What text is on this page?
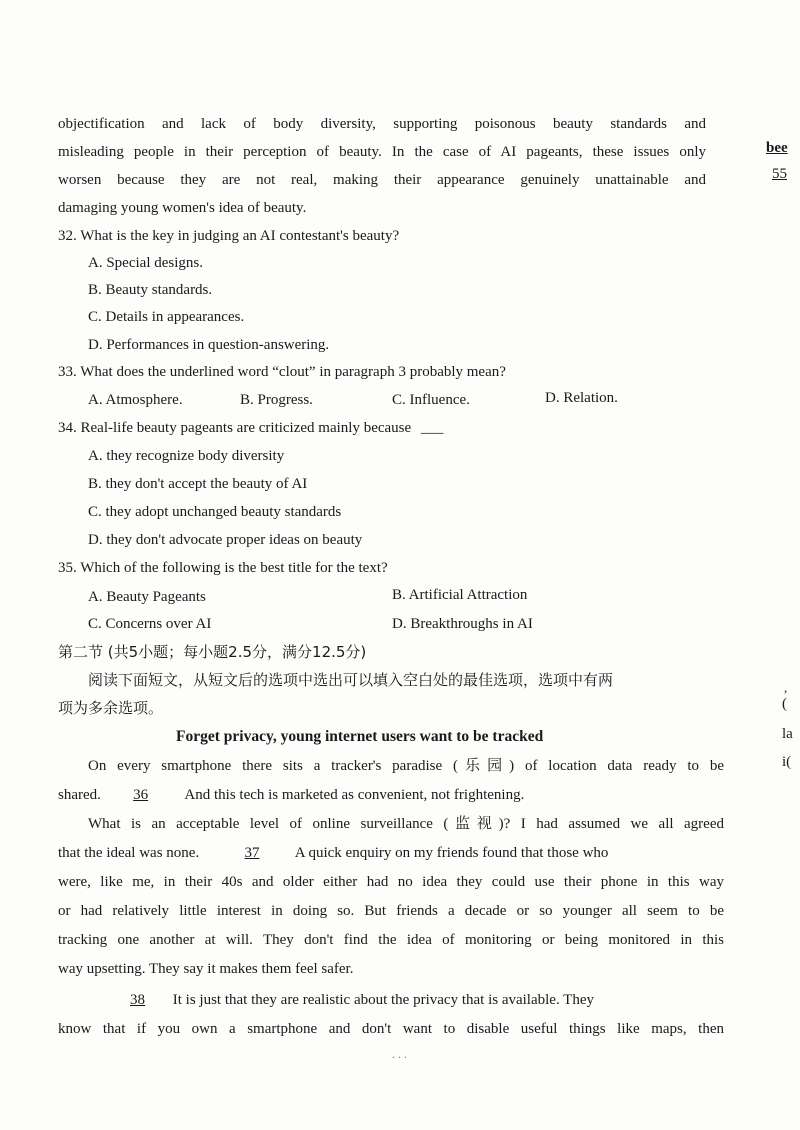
objectification and lack of body diversity, supporting poisonous beauty standards and
misleading people in their perception of beauty. In the case of AI pageants, these issues only
worsen because they are not real, making their appearance genuinely unattainable and
damaging young women's idea of beauty.
32. What is the key in judging an AI contestant's beauty?
A. Special designs.
B. Beauty standards.
C. Details in appearances.
D. Performances in question-answering.
33. What does the underlined word “clout” in paragraph 3 probably mean?
A. Atmosphere.	B. Progress.	C. Influence.	D. Relation.
34. Real-life beauty pageants are criticized mainly because ___
A. they recognize body diversity
B. they don't accept the beauty of AI
C. they adopt unchanged beauty standards
D. they don't advocate proper ideas on beauty
35. Which of the following is the best title for the text?
A. Beauty Pageants	B. Artificial Attraction
C. Concerns over AI	D. Breakthroughs in AI
第二节 (共5小题；每小题2.5分，满分12.5分)
阅读下面短文，从短文后的选项中选出可以填入空白处的最佳选项，选项中有两
项为多余选项。
Forget privacy, young internet users want to be tracked
On every smartphone there sits a tracker's paradise (乐园) of location data ready to be
shared. 36 And this tech is marketed as convenient, not frightening.
What is an acceptable level of online surveillance (监视)? I had assumed we all agreed
that the ideal was none.	37 A quick enquiry on my friends found that those who
were, like me, in their 40s and older either had no idea they could use their phone in this way
or had relatively little interest in doing so. But friends a decade or so younger all seem to be
tracking one another at will. They don't find the idea of monitoring or being monitored in this
way upsetting. They say it makes them feel safer.
38 It is just that they are realistic about the privacy that is available. They
know that if you own a smartphone and don't want to disable useful things like maps, then
. . .
bee
55
,
(
la
i(
